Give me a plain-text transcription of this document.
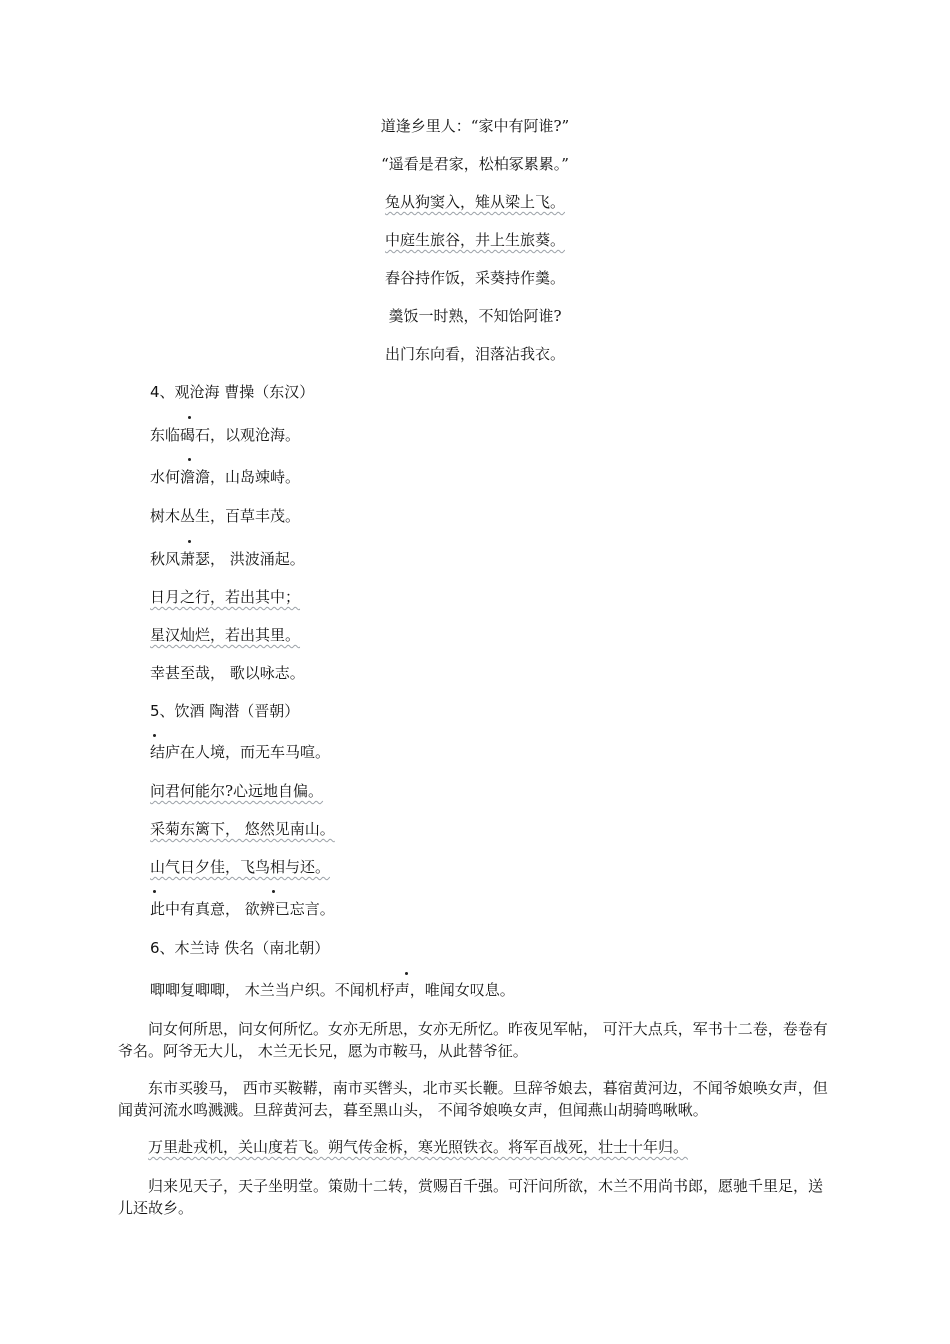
道逢乡里人：“家中有阿谁?”
“遥看是君家，松柏冢累累。”
兔从狗窦入，雉从梁上飞。
中庭生旅谷，井上生旅葵。
舂谷持作饭，采葵持作羹。
羹饭一时熟，不知饴阿谁?
出门东向看，泪落沾我衣。
4、观沧海 曹操（东汉）
东临碣石，以观沧海。
水何澹澹，山岛竦峙。
树木丛生，百草丰茂。
秋风萧瑟， 洪波涌起。
日月之行，若出其中；
星汉灿烂，若出其里。
幸甚至哉， 歌以咏志。
5、饮酒 陶潜（晋朝）
结庐在人境，而无车马喧。
问君何能尔?心远地自偏。
采菊东篱下， 悠然见南山。
山气日夕佳，飞鸟相与还。
此中有真意， 欲辨已忘言。
6、木兰诗 佚名（南北朝）
唧唧复唧唧， 木兰当户织。不闻机杼声，唯闻女叹息。
问女何所思，问女何所忆。女亦无所思，女亦无所忆。昨夜见军帖， 可汗大点兵，军书十二卷，卷卷有爷名。阿爷无大儿， 木兰无长兄，愿为市鞍马，从此替爷征。
东市买骏马， 西市买鞍鞯，南市买辔头，北市买长鞭。旦辞爷娘去，暮宿黄河边，不闻爷娘唤女声，但闻黄河流水鸣溅溅。旦辞黄河去，暮至黑山头， 不闻爷娘唤女声，但闻燕山胡骑鸣啾啾。
万里赴戎机，关山度若飞。朔气传金柝，寒光照铁衣。将军百战死，壮士十年归。
归来见天子，天子坐明堂。策勋十二转，赏赐百千强。可汗问所欲，木兰不用尚书郎，愿驰千里足，送儿还故乡。
